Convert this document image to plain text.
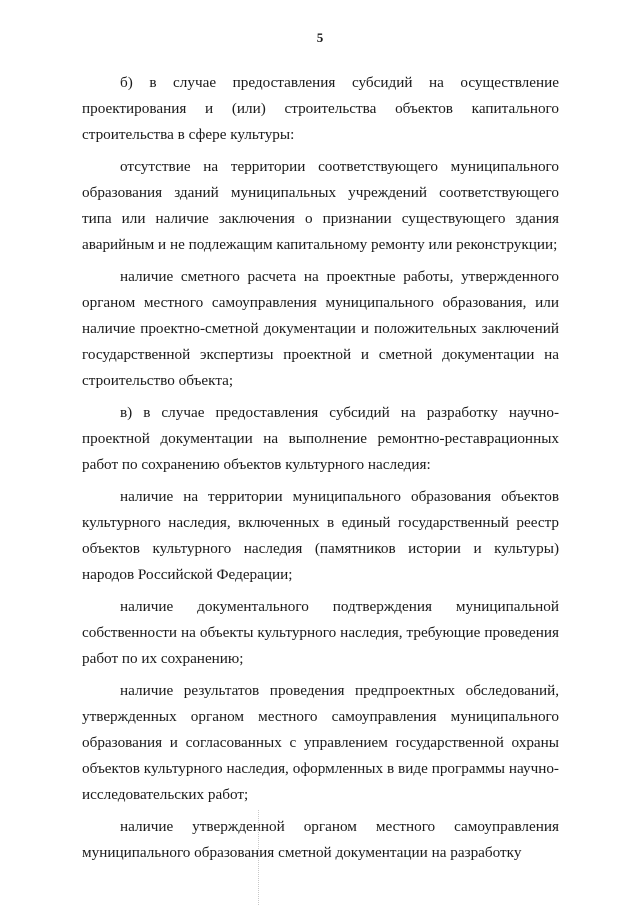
5

б) в случае предоставления субсидий на осуществление проектирования и (или) строительства объектов капитального строительства в сфере культуры:

отсутствие на территории соответствующего муниципального образования зданий муниципальных учреждений соответствующего типа или наличие заключения о признании существующего здания аварийным и не подлежащим капитальному ремонту или реконструкции;

наличие сметного расчета на проектные работы, утвержденного органом местного самоуправления муниципального образования, или наличие проектно-сметной документации и положительных заключений государственной экспертизы проектной и сметной документации на строительство объекта;

в) в случае предоставления субсидий на разработку научно-проектной документации на выполнение ремонтно-реставрационных работ по сохранению объектов культурного наследия:

наличие на территории муниципального образования объектов культурного наследия, включенных в единый государственный реестр объектов культурного наследия (памятников истории и культуры) народов Российской Федерации;

наличие документального подтверждения муниципальной собственности на объекты культурного наследия, требующие проведения работ по их сохранению;

наличие результатов проведения предпроектных обследований, утвержденных органом местного самоуправления муниципального образования и согласованных с управлением государственной охраны объектов культурного наследия, оформленных в виде программы научно-исследовательских работ;

наличие утвержденной органом местного самоуправления муниципального образования сметной документации на разработку
